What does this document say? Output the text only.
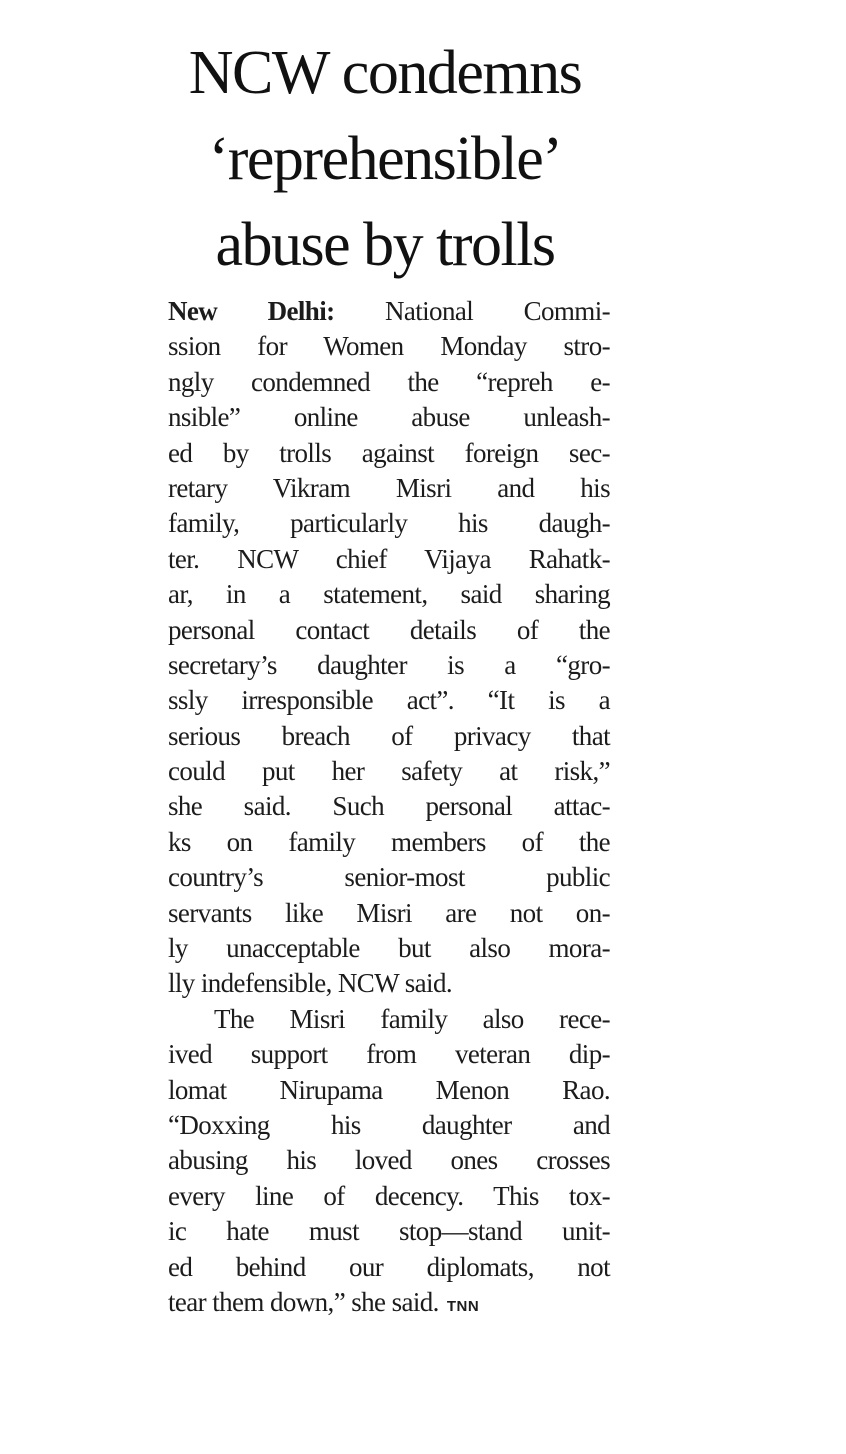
NCW condemns
‘reprehensible’
abuse by trolls
New Delhi: National Commi-
ssion for Women Monday stro-
ngly condemned the “repreh e-
nsible” online abuse unleash-
ed by trolls against foreign sec-
retary Vikram Misri and his
family, particularly his daugh-
ter. NCW chief Vijaya Rahatk-
ar, in a statement, said sharing
personal contact details of the
secretary’s daughter is a “gro-
ssly irresponsible act”. “It is a
serious breach of privacy that
could put her safety at risk,”
she said. Such personal attac-
ks on family members of the
country’s senior-most public
servants like Misri are not on-
ly unacceptable but also mora-
lly indefensible, NCW said.
The Misri family also rece-
ived support from veteran dip-
lomat Nirupama Menon Rao.
“Doxxing his daughter and
abusing his loved ones crosses
every line of decency. This tox-
ic hate must stop—stand unit-
ed behind our diplomats, not
tear them down,” she said. TNN
